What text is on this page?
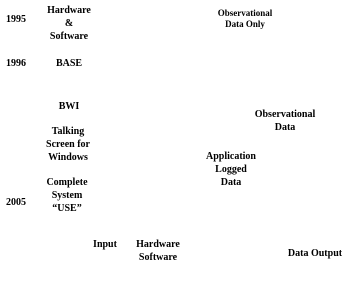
1995
1996
2005
Hardware
&
Software
BASE
BWI
Talking
Screen for
Windows
Complete
System
“USE”
Observational
Data Only
Observational
Data
Application
Logged
Data
Input	Hardware
Software	Data Output
